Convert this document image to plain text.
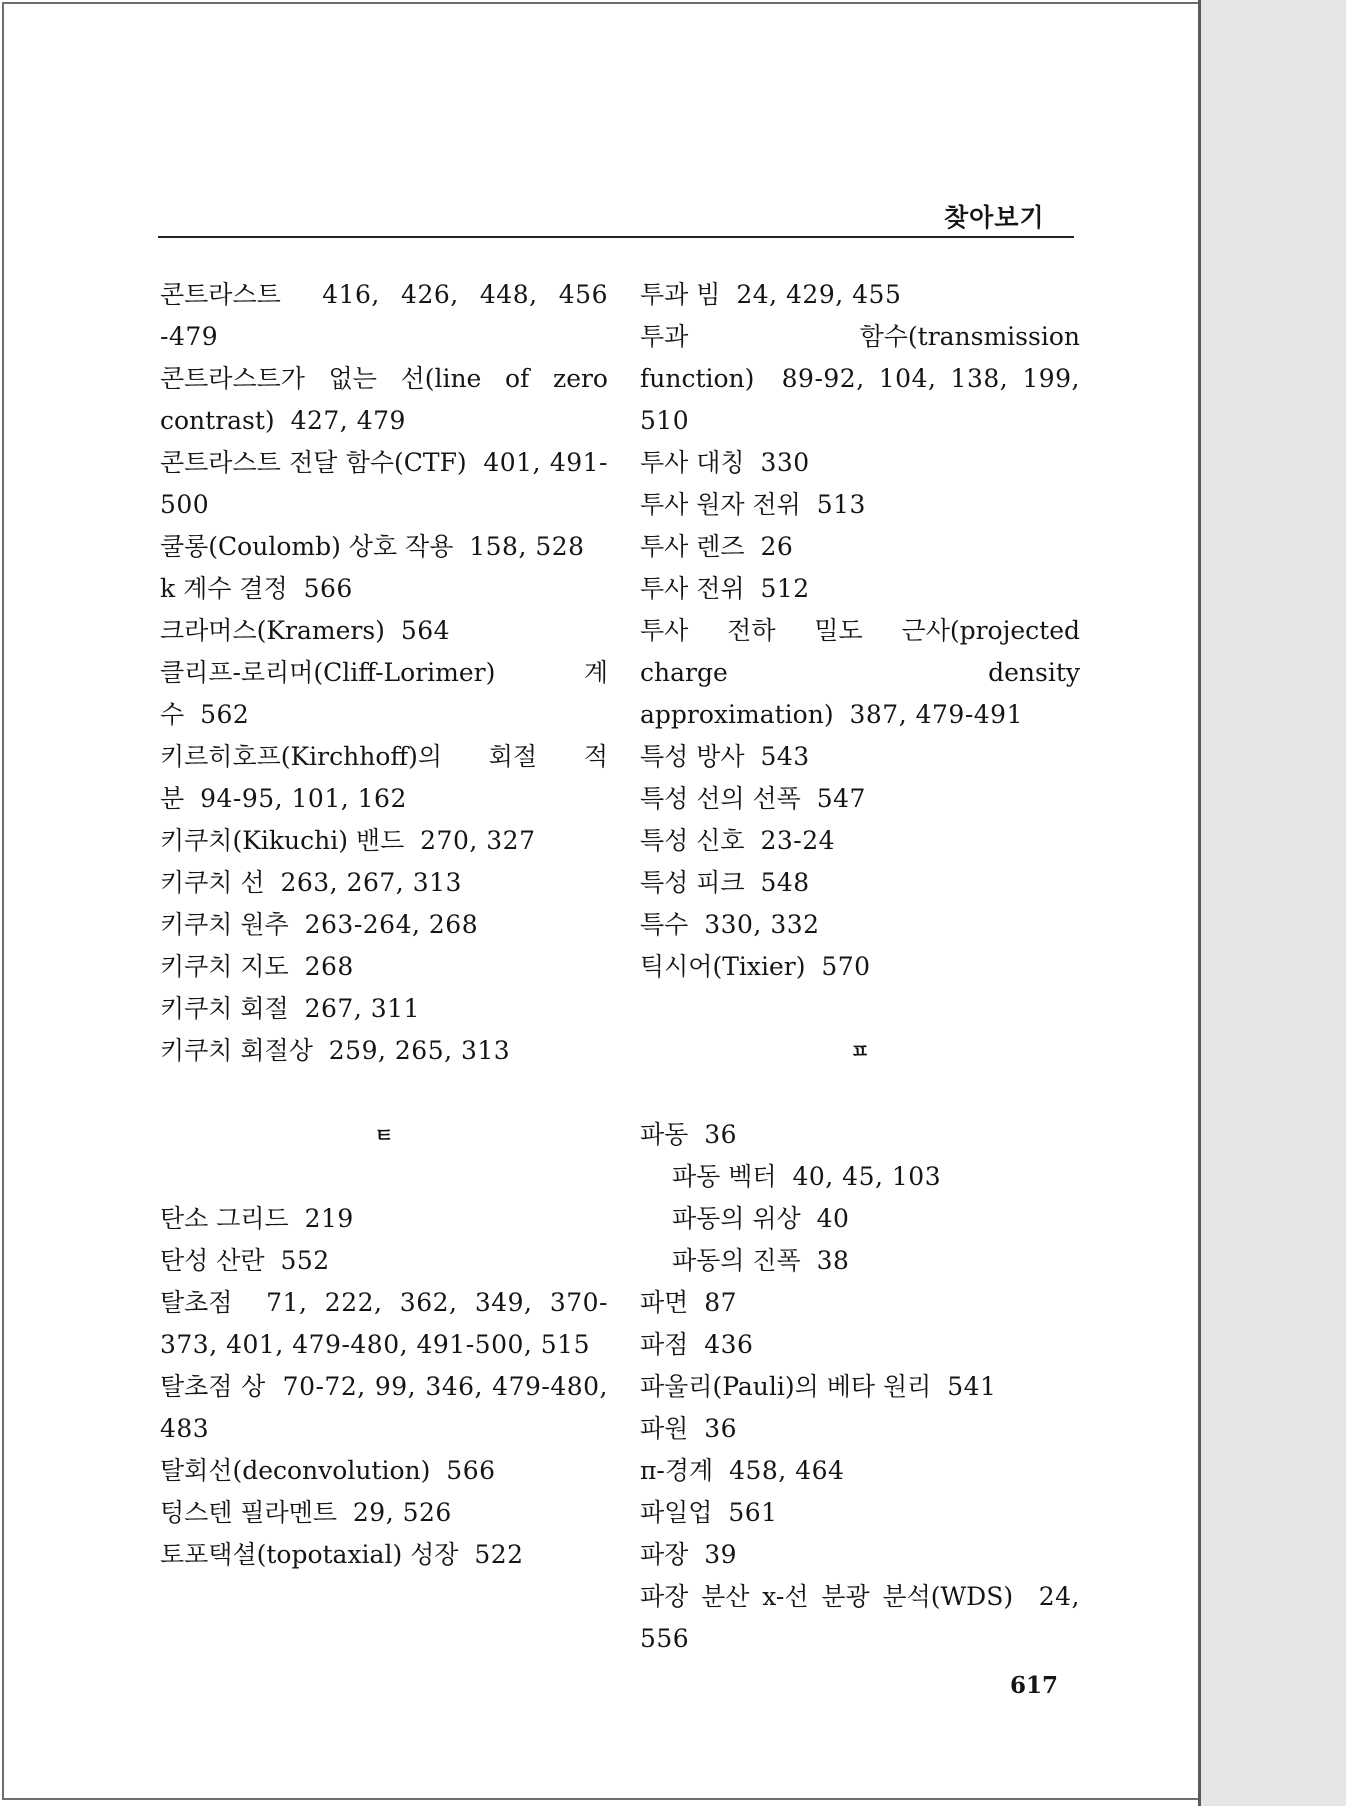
찾아보기
콘트라스트 416, 426, 448, 456 -479
콘트라스트가 없는 선(line of zero contrast) 427, 479
콘트라스트 전달 함수(CTF) 401, 491-500
쿨롱(Coulomb) 상호 작용 158, 528
k 계수 결정 566
크라머스(Kramers) 564
클리프-로리머(Cliff-Lorimer) 계수 562
키르히호프(Kirchhoff)의 회절 적분 94-95, 101, 162
키쿠치(Kikuchi) 밴드 270, 327
키쿠치 선 263, 267, 313
키쿠치 원추 263-264, 268
키쿠치 지도 268
키쿠치 회절 267, 311
키쿠치 회절상 259, 265, 313
ㅌ
탄소 그리드 219
탄성 산란 552
탈초점 71, 222, 362, 349, 370-373, 401, 479-480, 491-500, 515
탈초점 상 70-72, 99, 346, 479-480, 483
탈회선(deconvolution) 566
텅스텐 필라멘트 29, 526
토포택셜(topotaxial) 성장 522
투과 빔 24, 429, 455
투과 함수(transmission function) 89-92, 104, 138, 199, 510
투사 대칭 330
투사 원자 전위 513
투사 렌즈 26
투사 전위 512
투사 전하 밀도 근사(projected charge density approximation) 387, 479-491
특성 방사 543
특성 선의 선폭 547
특성 신호 23-24
특성 피크 548
특수 330, 332
틱시어(Tixier) 570
ㅍ
파동 36
파동 벡터 40, 45, 103
파동의 위상 40
파동의 진폭 38
파면 87
파점 436
파울리(Pauli)의 베타 원리 541
파원 36
π-경계 458, 464
파일업 561
파장 39
파장 분산 x-선 분광 분석(WDS) 24, 556
617
